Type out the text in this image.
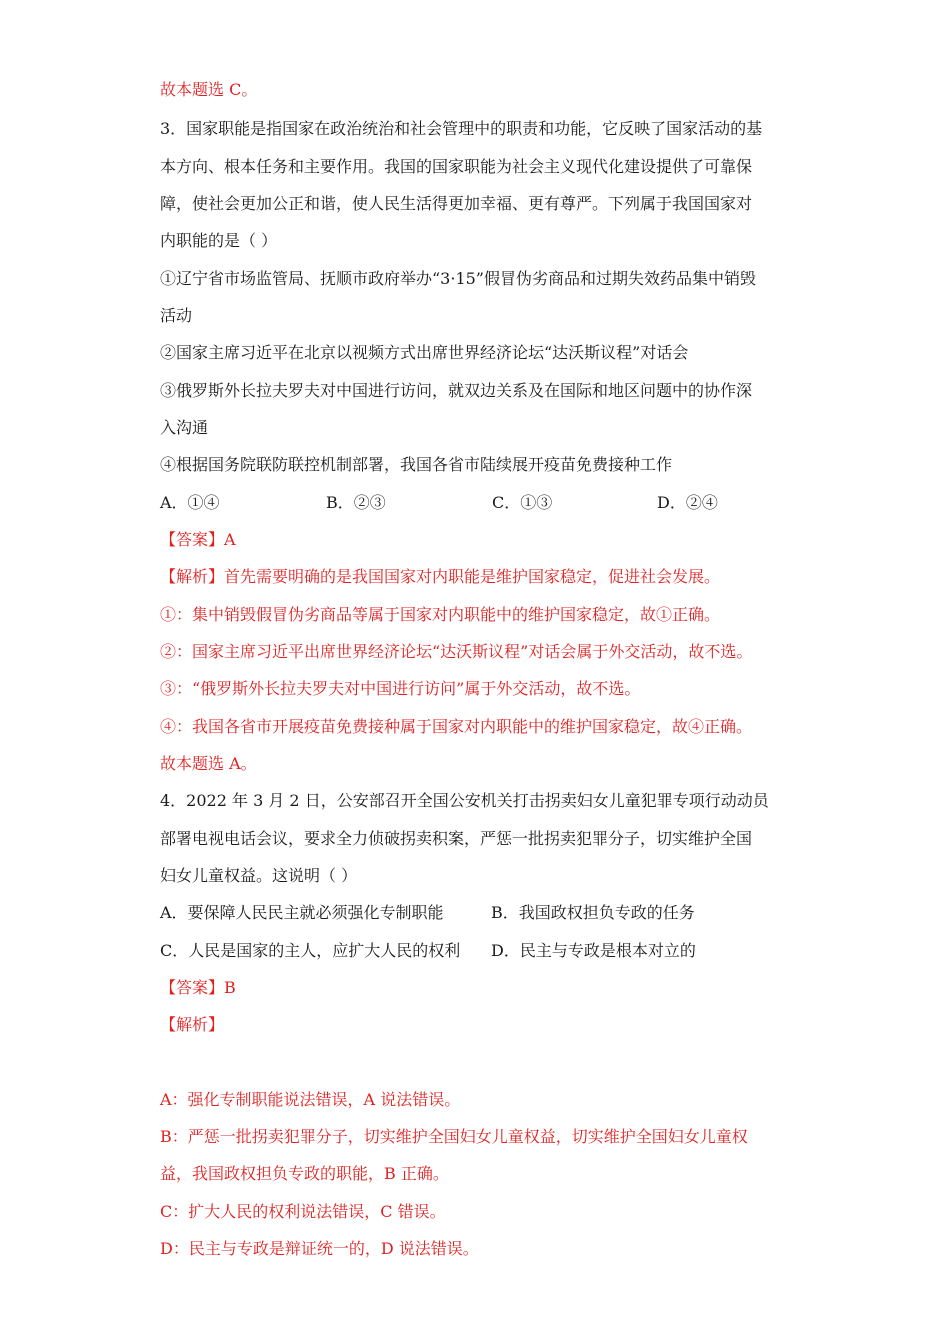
故本题选 C。
3．国家职能是指国家在政治统治和社会管理中的职责和功能，它反映了国家活动的基
本方向、根本任务和主要作用。我国的国家职能为社会主义现代化建设提供了可靠保
障，使社会更加公正和谐，使人民生活得更加幸福、更有尊严。下列属于我国国家对
内职能的是（ ）
①辽宁省市场监管局、抚顺市政府举办“3·15”假冒伪劣商品和过期失效药品集中销毁
活动
②国家主席习近平在北京以视频方式出席世界经济论坛“达沃斯议程”对话会
③俄罗斯外长拉夫罗夫对中国进行访问，就双边关系及在国际和地区问题中的协作深
入沟通
④根据国务院联防联控机制部署，我国各省市陆续展开疫苗免费接种工作
A．①④	B．②③	C．①③	D．②④
【答案】A
【解析】首先需要明确的是我国国家对内职能是维护国家稳定，促进社会发展。
①：集中销毁假冒伪劣商品等属于国家对内职能中的维护国家稳定，故①正确。
②：国家主席习近平出席世界经济论坛“达沃斯议程”对话会属于外交活动，故不选。
③：“俄罗斯外长拉夫罗夫对中国进行访问”属于外交活动，故不选。
④：我国各省市开展疫苗免费接种属于国家对内职能中的维护国家稳定，故④正确。
故本题选 A。
4．2022 年 3 月 2 日，公安部召开全国公安机关打击拐卖妇女儿童犯罪专项行动动员
部署电视电话会议，要求全力侦破拐卖积案，严惩一批拐卖犯罪分子，切实维护全国
妇女儿童权益。这说明（ ）
A．要保障人民民主就必须强化专制职能	B．我国政权担负专政的任务
C．人民是国家的主人，应扩大人民的权利 D．民主与专政是根本对立的
【答案】B
【解析】
A：强化专制职能说法错误，A 说法错误。
B：严惩一批拐卖犯罪分子，切实维护全国妇女儿童权益，切实维护全国妇女儿童权
益，我国政权担负专政的职能，B 正确。
C：扩大人民的权利说法错误，C 错误。
D：民主与专政是辩证统一的，D 说法错误。
